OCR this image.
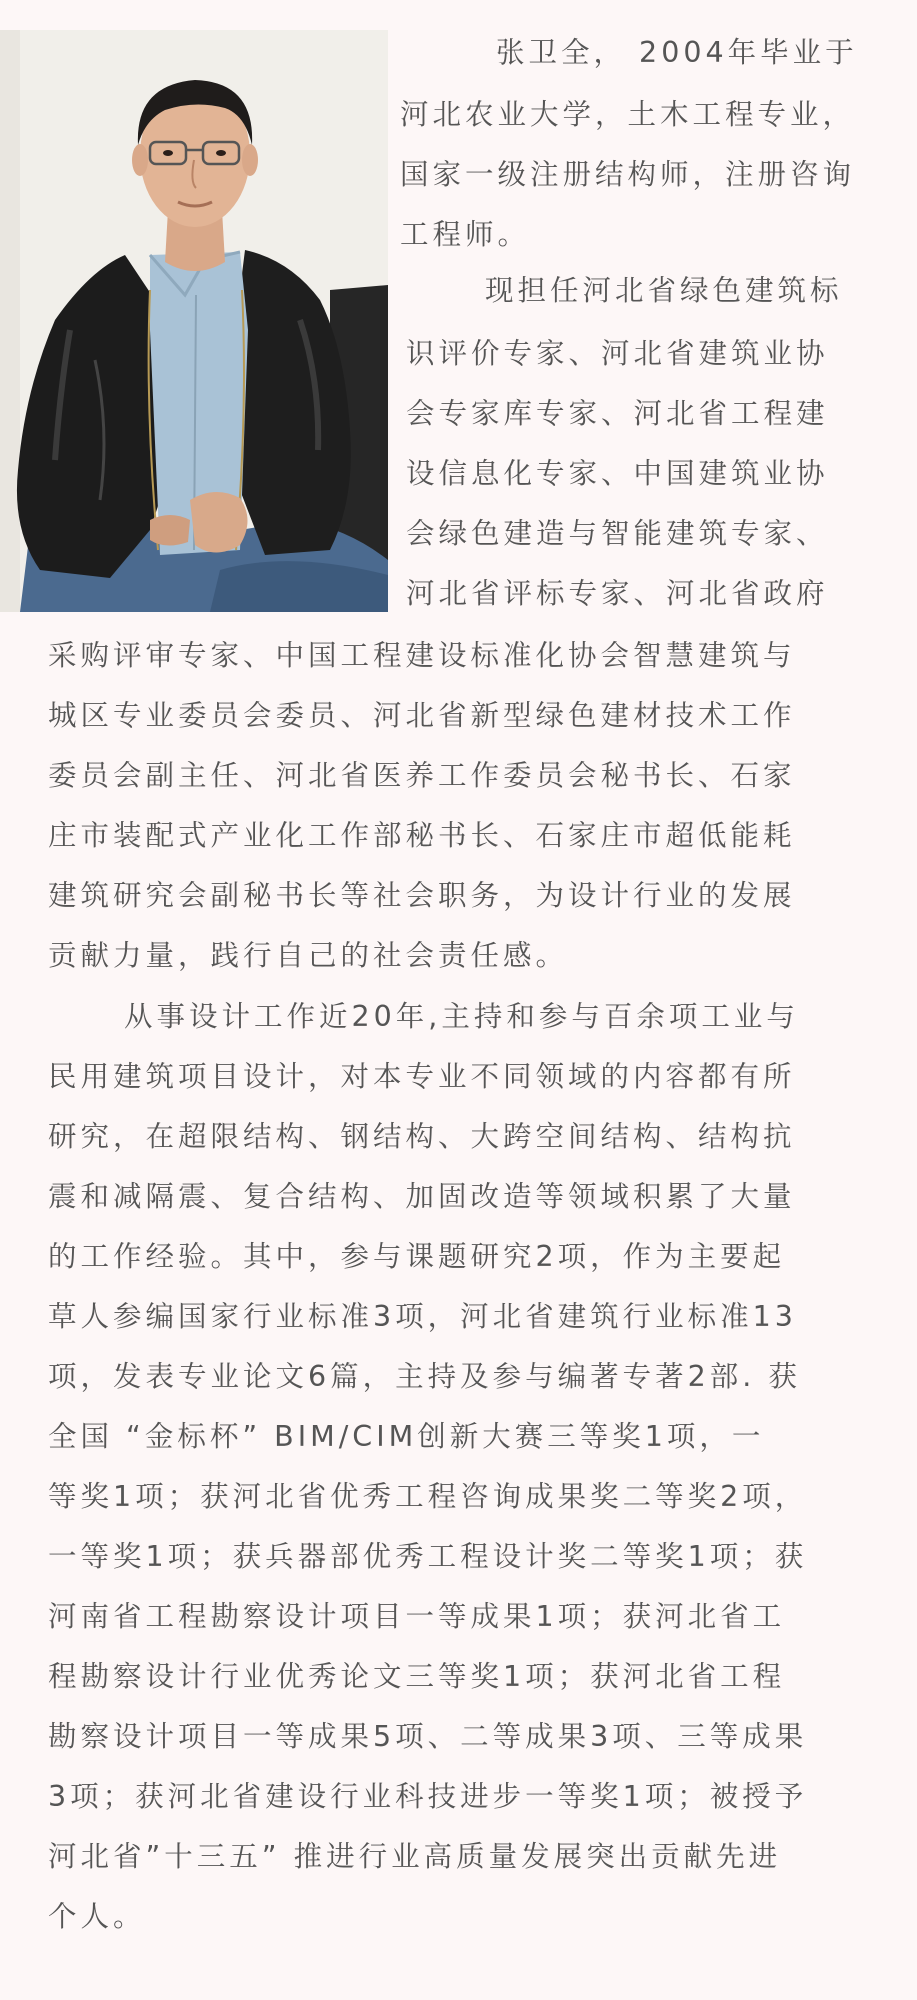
张卫全， 2004年毕业于
河北农业大学，土木工程专业，
国家一级注册结构师，注册咨询
工程师。
现担任河北省绿色建筑标
识评价专家、河北省建筑业协
会专家库专家、河北省工程建
设信息化专家、中国建筑业协
会绿色建造与智能建筑专家、
河北省评标专家、河北省政府
采购评审专家、中国工程建设标准化协会智慧建筑与
城区专业委员会委员、河北省新型绿色建材技术工作
委员会副主任、河北省医养工作委员会秘书长、石家
庄市装配式产业化工作部秘书长、石家庄市超低能耗
建筑研究会副秘书长等社会职务，为设计行业的发展
贡献力量，践行自己的社会责任感。
从事设计工作近20年,主持和参与百余项工业与
民用建筑项目设计，对本专业不同领域的内容都有所
研究，在超限结构、钢结构、大跨空间结构、结构抗
震和减隔震、复合结构、加固改造等领域积累了大量
的工作经验。其中，参与课题研究2项，作为主要起
草人参编国家行业标准3项，河北省建筑行业标准13
项，发表专业论文6篇，主持及参与编著专著2部. 获
全国 “金标杯” BIM/CIM创新大赛三等奖1项，一
等奖1项；获河北省优秀工程咨询成果奖二等奖2项，
一等奖1项；获兵器部优秀工程设计奖二等奖1项；获
河南省工程勘察设计项目一等成果1项；获河北省工
程勘察设计行业优秀论文三等奖1项；获河北省工程
勘察设计项目一等成果5项、二等成果3项、三等成果
3项；获河北省建设行业科技进步一等奖1项；被授予
河北省”十三五” 推进行业高质量发展突出贡献先进
个人。
